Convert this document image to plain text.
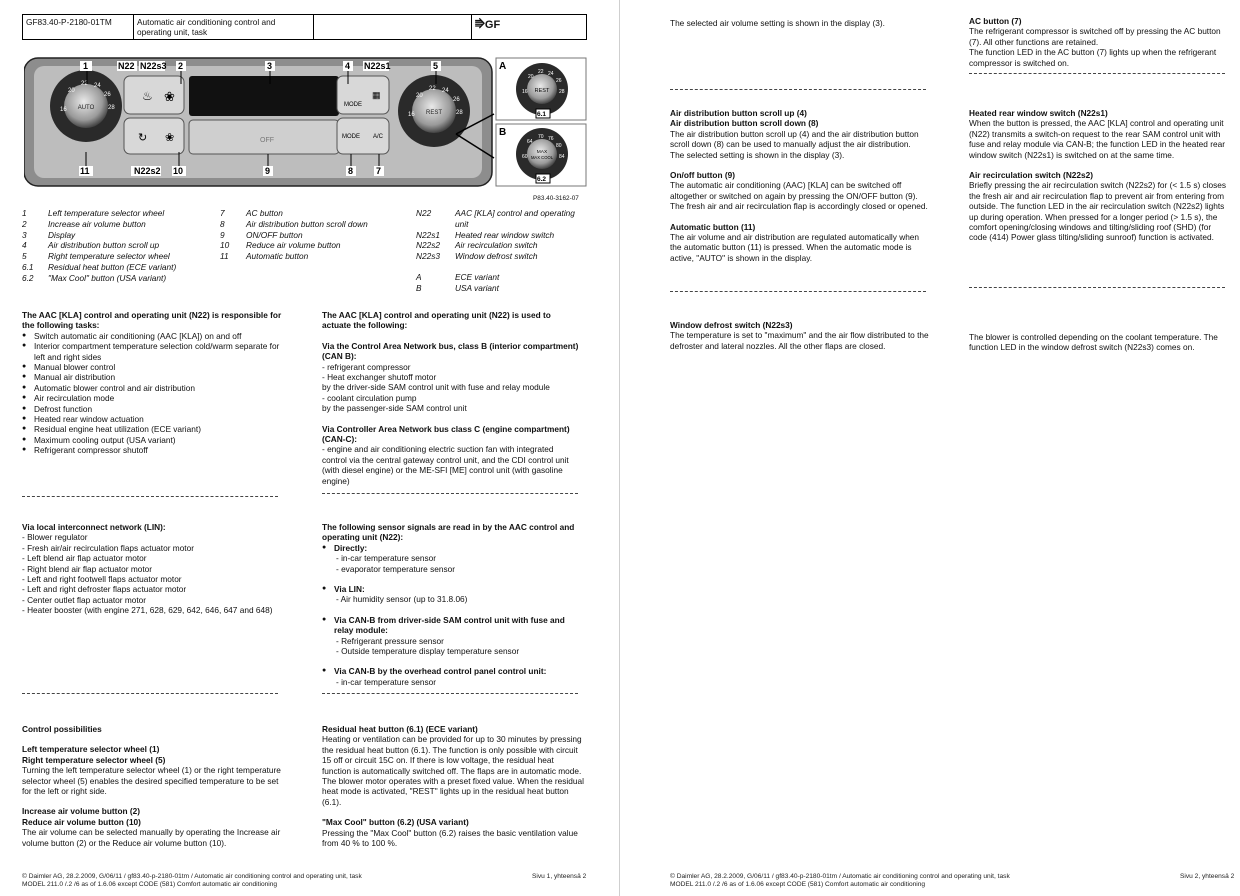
GF83.40-P-2180-01TM	Automatic air conditioning control and operating unit, task
⭆GF
AUTO
16
20
22 24
26
28
♨ ❀
↻ ❀	OFF
MODE
▦
MODE A/C
REST
16
20
22 24
26
28
1	N22 N22s3 2	3	4 N22s1	5
11	N22s2 10	9	8	7
A
REST
16
20
22 24
26
28
6.1
B
MAX
MAX COOL
60
64
70 76
80
84
6.2
P83.40-3162-07
1	Left temperature selector wheel
2	Increase air volume button
3	Display
4	Air distribution button scroll up
5	Right temperature selector wheel
6.1	Residual heat button (ECE variant)
6.2	"Max Cool" button (USA variant)
7	AC button
8	Air distribution button scroll down
9	ON/OFF button
10	Reduce air volume button
11	Automatic button
N22	AAC [KLA] control and operating unit
N22s1	Heated rear window switch
N22s2	Air recirculation switch
N22s3	Window defrost switch
A	ECE variant
B	USA variant

The AAC [KLA] control and operating unit (N22) is responsible for the following tasks:

● Switch automatic air conditioning (AAC [KLA]) on and off
● Interior compartment temperature selection cold/warm separate for left and right sides
● Manual blower control
● Manual air distribution
● Automatic blower control and air distribution
● Air recirculation mode
● Defrost function
● Heated rear window actuation
● Residual engine heat utilization (ECE variant)
● Maximum cooling output (USA variant)
● Refrigerant compressor shutoff

Via local interconnect network (LIN):

- Blower regulator

- Fresh air/air recirculation flaps actuator motor

- Left blend air flap actuator motor

- Right blend air flap actuator motor

- Left and right footwell flaps actuator motor

- Left and right defroster flaps actuator motor

- Center outlet flap actuator motor

- Heater booster (with engine 271, 628, 629, 642, 646, 647 and 648)

Control possibilities

Left temperature selector wheel (1)

Right temperature selector wheel (5)

Turning the left temperature selector wheel (1) or the right temperature selector wheel (5) enables the desired specified temperature to be set for the left or right side.

Increase air volume button (2)

Reduce air volume button (10)

The air volume can be selected manually by operating the Increase air volume button (2) or the Reduce air volume button (10).

The AAC [KLA] control and operating unit (N22) is used to actuate the following:

Via the Control Area Network bus, class B (interior compartment) (CAN B):

- refrigerant compressor

- Heat exchanger shutoff motor

by the driver-side SAM control unit with fuse and relay module

- coolant circulation pump

by the passenger-side SAM control unit

Via Controller Area Network bus class C (engine compartment) (CAN-C):

- engine and air conditioning electric suction fan with integrated control via the central gateway control unit, and the CDI control unit (with diesel engine) or the ME-SFI [ME] control unit (with gasoline engine)

The following sensor signals are read in by the AAC control and operating unit (N22):

● Directly:

- in-car temperature sensor

- evaporator temperature sensor

● Via LIN:

- Air humidity sensor (up to 31.8.06)

● Via CAN-B from driver-side SAM control unit with fuse and relay module:

- Refrigerant pressure sensor

- Outside temperature display temperature sensor

● Via CAN-B by the overhead control panel control unit:

- in-car temperature sensor

Residual heat button (6.1) (ECE variant)

Heating or ventilation can be provided for up to 30 minutes by pressing the residual heat button (6.1). The function is only possible with circuit 15 off or circuit 15C on. If there is low voltage, the residual heat function is automatically switched off. The flaps are in automatic mode. The blower motor operates with a preset fixed value. When the residual heat mode is activated, "REST" lights up in the residual heat button (6.1).

"Max Cool" button (6.2) (USA variant)

Pressing the "Max Cool" button (6.2) raises the basic ventilation value from 40 % to 100 %.

© Daimler AG, 28.2.2009, G/06/11 / gf83.40-p-2180-01tm / Automatic air conditioning control and operating unit, task
MODEL 211.0 /.2 /6 as of 1.6.06 except CODE (581) Comfort automatic air conditioning
Sivu 1, yhteensä 2

The selected air volume setting is shown in the display (3).

Air distribution button scroll up (4)

Air distribution button scroll down (8)

The air distribution button scroll up (4) and the air distribution button scroll down (8) can be used to manually adjust the air distribution.

The selected setting is shown in the display (3).

On/off button (9)

The automatic air conditioning (AAC) [KLA] can be switched off altogether or switched on again by pressing the ON/OFF button (9). The fresh air and air recirculation flap is accordingly closed or opened.

Automatic button (11)

The air volume and air distribution are regulated automatically when the automatic button (11) is pressed. When the automatic mode is active, "AUTO" is shown in the display.

Window defrost switch (N22s3)

The temperature is set to "maximum" and the air flow distributed to the defroster and lateral nozzles. All the other flaps are closed.

AC button (7)

The refrigerant compressor is switched off by pressing the AC button (7). All other functions are retained.

The function LED in the AC button (7) lights up when the refrigerant compressor is switched on.

Heated rear window switch (N22s1)

When the button is pressed, the AAC [KLA] control and operating unit (N22) transmits a switch-on request to the rear SAM control unit with fuse and relay module via CAN-B; the function LED in the heated rear window switch (N22s1) is switched on at the same time.

Air recirculation switch (N22s2)

Briefly pressing the air recirculation switch (N22s2) for (< 1.5 s) closes the fresh air and air recirculation flap to prevent air from entering from outside. The function LED in the air recirculation switch (N22s2) lights up during operation. When pressed for a longer period (> 1.5 s), the comfort opening/closing windows and tilting/sliding roof (SHD) (for code (414) Power glass tilting/sliding sunroof) function is activated.

The blower is controlled depending on the coolant temperature. The function LED in the window defrost switch (N22s3) comes on.

© Daimler AG, 28.2.2009, G/06/11 / gf83.40-p-2180-01tm / Automatic air conditioning control and operating unit, task
MODEL 211.0 /.2 /6 as of 1.6.06 except CODE (581) Comfort automatic air conditioning
Sivu 2, yhteensä 2
